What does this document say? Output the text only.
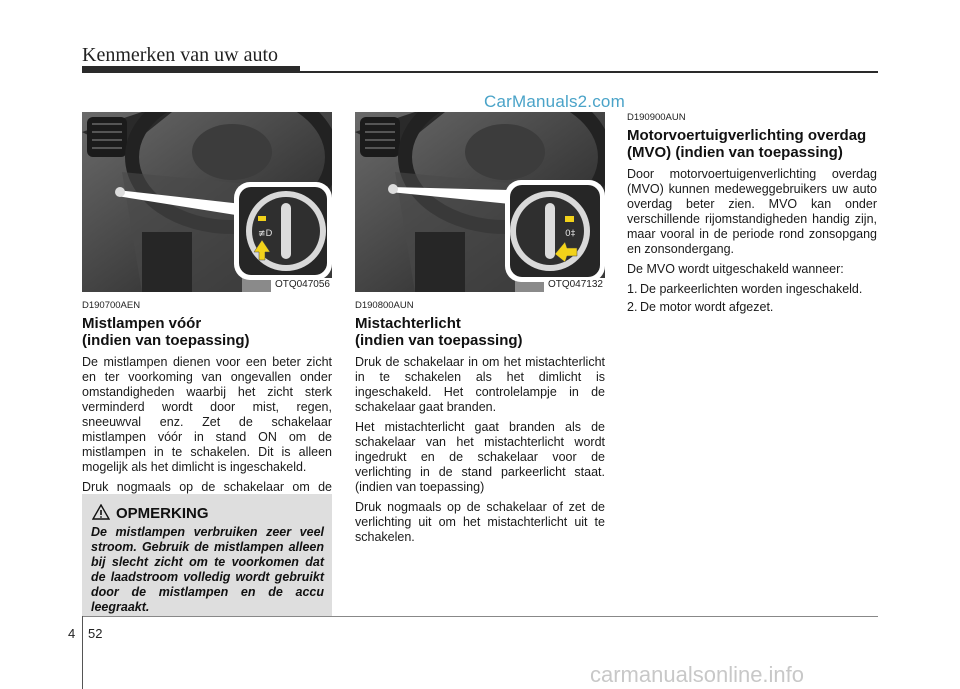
Kenmerken van uw auto
CarManuals2.com
≢D
OTQ047056
D190700AEN
Mistlampen vóór
(indien van toepassing)

De mistlampen dienen voor een beter zicht en ter voorkoming van ongevallen onder omstandigheden waarbij het zicht sterk verminderd wordt door mist, regen, sneeuwval enz. Zet de schakelaar mistlampen vóór in stand ON om de mistlampen in te schakelen. Dit is alleen mogelijk als het dimlicht is ingeschakeld.

Druk nogmaals op de schakelaar om de

OPMERKING
De mistlampen verbruiken zeer veel stroom. Gebruik de mistlampen alleen bij slecht zicht om te voorkomen dat de laadstroom volledig wordt gebruikt door de mistlampen en de accu leegraakt.
0‡
OTQ047132
D190800AUN
Mistachterlicht
(indien van toepassing)

Druk de schakelaar in om het mistachterlicht in te schakelen als het dimlicht is ingeschakeld. Het controlelampje in de schakelaar gaat branden.

Het mistachterlicht gaat branden als de schakelaar van het mistachterlicht wordt ingedrukt en de schakelaar voor de verlichting in de stand parkeerlicht staat. (indien van toepassing)

Druk nogmaals op de schakelaar of zet de verlichting uit om het mistachterlicht uit te schakelen.

D190900AUN
Motorvoertuigverlichting overdag
(MVO) (indien van toepassing)

Door motorvoertuigenverlichting overdag (MVO) kunnen medeweggebruikers uw auto overdag beter zien. MVO kan onder verschillende rijomstandigheden handig zijn, maar vooral in de periode rond zonsopgang en zonsondergang.

De MVO wordt uitgeschakeld wanneer:

1. De parkeerlichten worden ingeschakeld.
2. De motor wordt afgezet.
4 52
carmanualsonline.info
